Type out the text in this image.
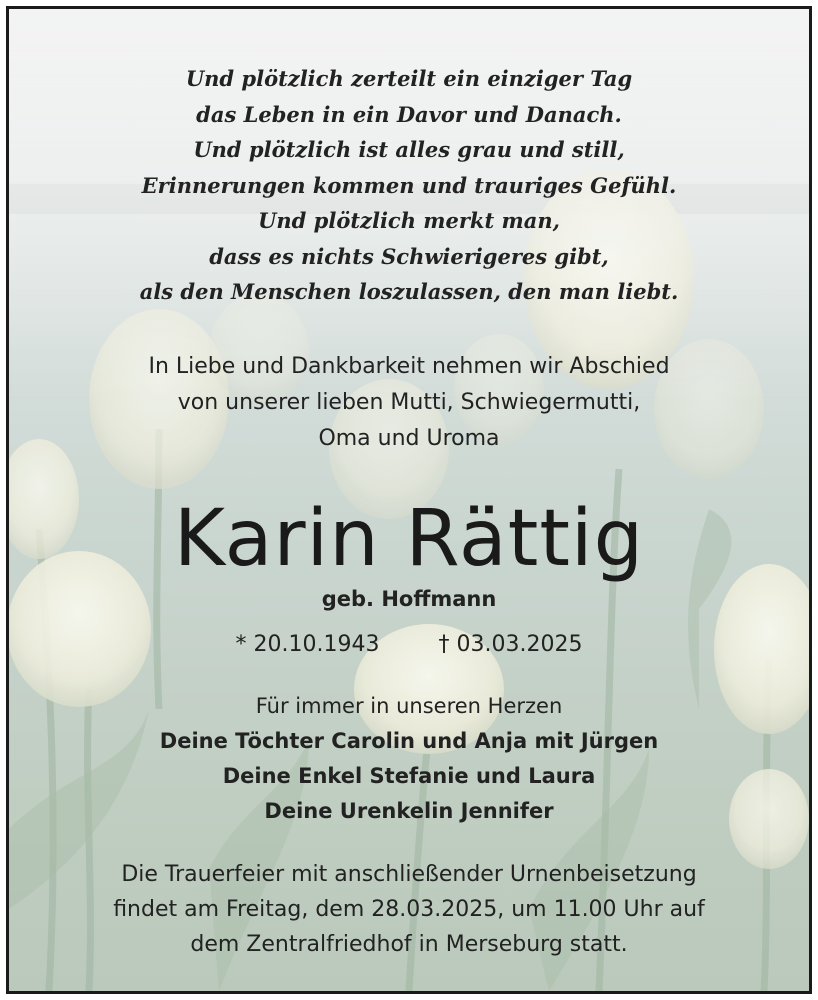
Und plötzlich zerteilt ein einziger Tag
das Leben in ein Davor und Danach.
Und plötzlich ist alles grau und still,
Erinnerungen kommen und trauriges Gefühl.
Und plötzlich merkt man,
dass es nichts Schwierigeres gibt,
als den Menschen loszulassen, den man liebt.
In Liebe und Dankbarkeit nehmen wir Abschied
von unserer lieben Mutti, Schwiegermutti,
Oma und Uroma
Karin Rättig
geb. Hoffmann
* 20.10.1943	† 03.03.2025
Für immer in unseren Herzen
Deine Töchter Carolin und Anja mit Jürgen
Deine Enkel Stefanie und Laura
Deine Urenkelin Jennifer
Die Trauerfeier mit anschließender Urnenbeisetzung
findet am Freitag, dem 28.03.2025, um 11.00 Uhr auf
dem Zentralfriedhof in Merseburg statt.
